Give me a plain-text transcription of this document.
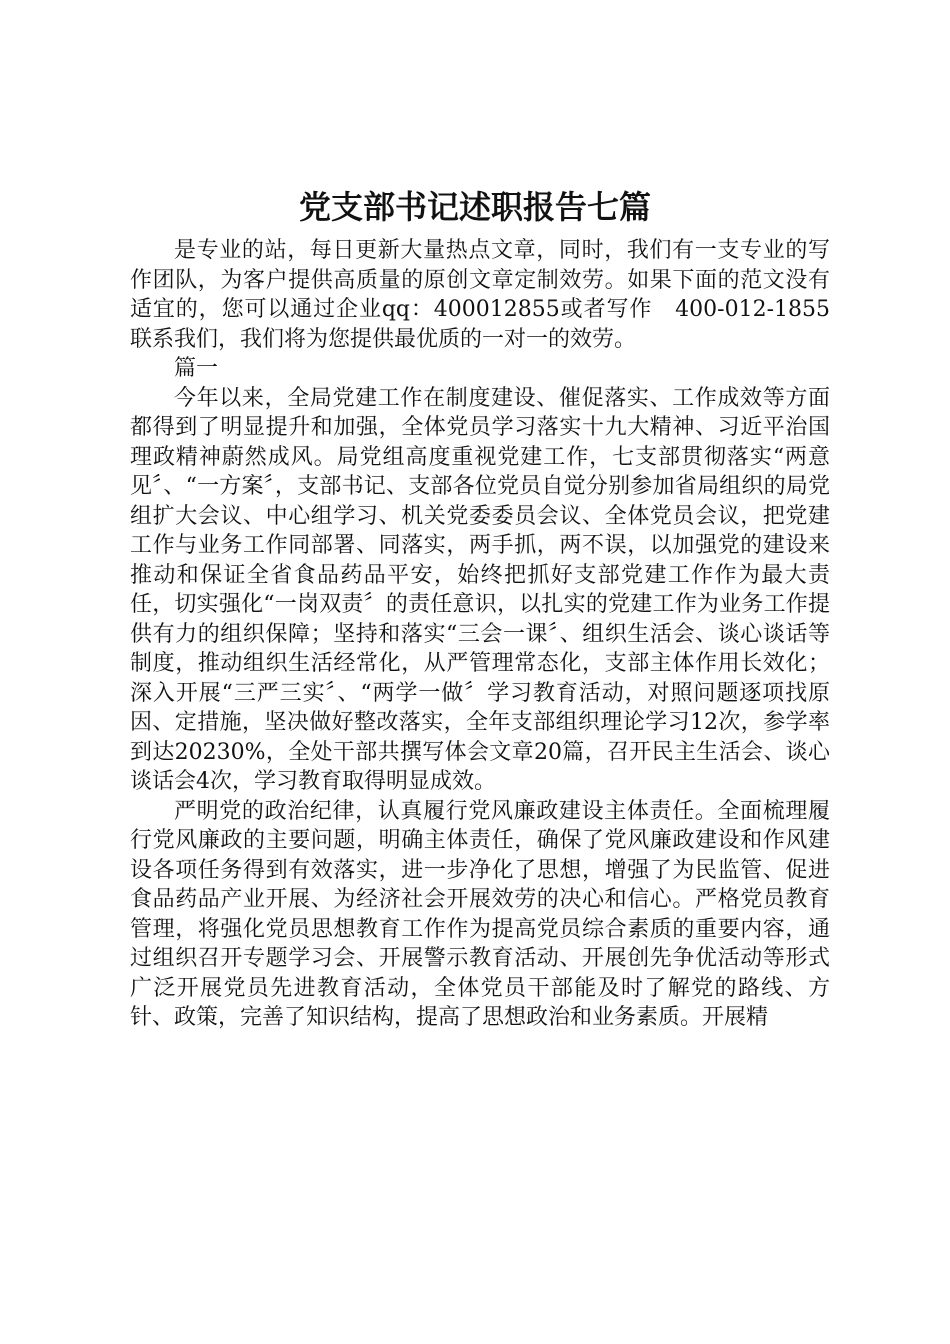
党支部书记述职报告七篇

是专业的站，每日更新大量热点文章，同时，我们有一支专业的写作团队，为客户提供高质量的原创文章定制效劳。如果下面的范文没有适宜的，您可以通过企业qq：400012855或者写作　400-012-1855联系我们，我们将为您提供最优质的一对一的效劳。

篇一

今年以来，全局党建工作在制度建设、催促落实、工作成效等方面都得到了明显提升和加强，全体党员学习落实十九大精神、习近平治国理政精神蔚然成风。局党组高度重视党建工作，七支部贯彻落实“两意见〞、“一方案〞，支部书记、支部各位党员自觉分别参加省局组织的局党组扩大会议、中心组学习、机关党委委员会议、全体党员会议，把党建工作与业务工作同部署、同落实，两手抓，两不误，以加强党的建设来推动和保证全省食品药品平安，始终把抓好支部党建工作作为最大责任，切实强化“一岗双责〞的责任意识，以扎实的党建工作为业务工作提供有力的组织保障；坚持和落实“三会一课〞、组织生活会、谈心谈话等制度，推动组织生活经常化，从严管理常态化，支部主体作用长效化；深入开展“三严三实〞、“两学一做〞学习教育活动，对照问题逐项找原因、定措施，坚决做好整改落实，全年支部组织理论学习12次，参学率到达20230%，全处干部共撰写体会文章20篇，召开民主生活会、谈心谈话会4次，学习教育取得明显成效。

严明党的政治纪律，认真履行党风廉政建设主体责任。全面梳理履行党风廉政的主要问题，明确主体责任，确保了党风廉政建设和作风建设各项任务得到有效落实，进一步净化了思想，增强了为民监管、促进食品药品产业开展、为经济社会开展效劳的决心和信心。严格党员教育管理，将强化党员思想教育工作作为提高党员综合素质的重要内容，通过组织召开专题学习会、开展警示教育活动、开展创先争优活动等形式广泛开展党员先进教育活动，全体党员干部能及时了解党的路线、方针、政策，完善了知识结构，提高了思想政治和业务素质。开展精
